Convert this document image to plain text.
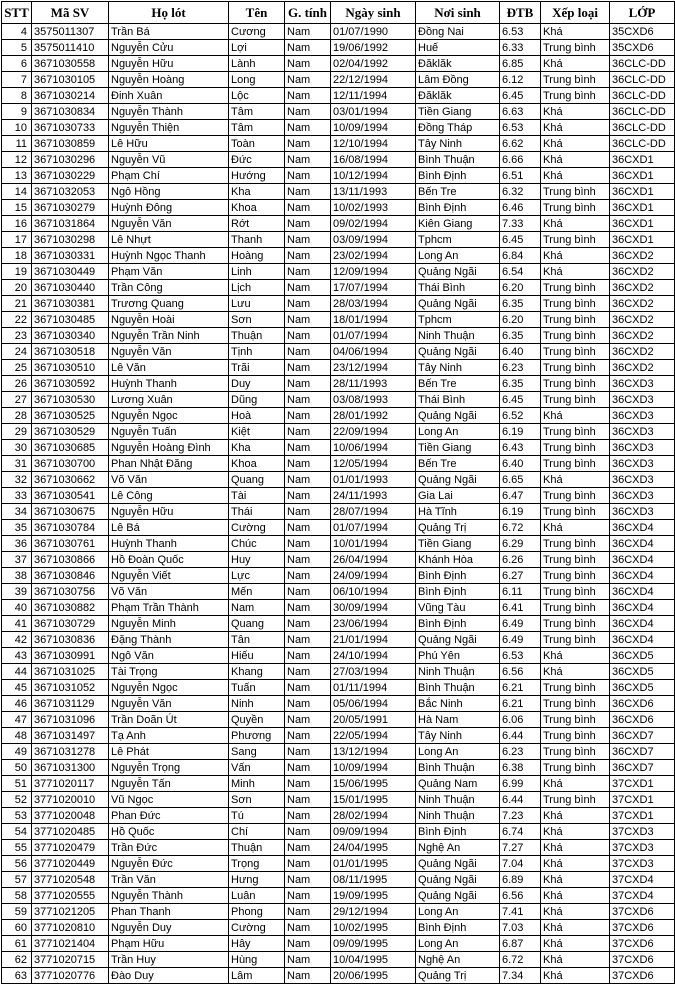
STT	Mã SV	Họ lót	Tên	G. tính	Ngày sinh	Nơi sinh	ĐTB	Xếp loại	LỚP
4	3575011307	Trần Bá	Cương	Nam	01/07/1990	Đồng Nai	6.53	Khá	35CXD6
5	3575011410	Nguyễn Cửu	Lợi	Nam	19/06/1992	Huế	6.33	Trung bình	35CXD6
6	3671030558	Nguyễn Hữu	Lành	Nam	02/04/1992	Đăklăk	6.85	Khá	36CLC-DD
7	3671030105	Nguyễn Hoàng	Long	Nam	22/12/1994	Lâm Đồng	6.12	Trung bình	36CLC-DD
8	3671030214	Đinh Xuân	Lộc	Nam	12/11/1994	Đăklăk	6.45	Trung bình	36CLC-DD
9	3671030834	Nguyễn Thành	Tâm	Nam	03/01/1994	Tiền Giang	6.63	Khá	36CLC-DD
10	3671030733	Nguyễn Thiện	Tâm	Nam	10/09/1994	Đồng Tháp	6.53	Khá	36CLC-DD
11	3671030859	Lê Hữu	Toàn	Nam	12/10/1994	Tây Ninh	6.62	Khá	36CLC-DD
12	3671030296	Nguyễn Vũ	Đức	Nam	16/08/1994	Bình Thuận	6.66	Khá	36CXD1
13	3671030229	Phạm Chí	Hướng	Nam	10/12/1994	Bình Định	6.51	Khá	36CXD1
14	3671032053	Ngô Hồng	Kha	Nam	13/11/1993	Bến Tre	6.32	Trung bình	36CXD1
15	3671030279	Huỳnh Đông	Khoa	Nam	10/02/1993	Bình Định	6.46	Trung bình	36CXD1
16	3671031864	Nguyễn Văn	Rớt	Nam	09/02/1994	Kiên Giang	7.33	Khá	36CXD1
17	3671030298	Lê Nhựt	Thanh	Nam	03/09/1994	Tphcm	6.45	Trung bình	36CXD1
18	3671030331	Huỳnh Ngọc Thanh	Hoàng	Nam	23/02/1994	Long An	6.84	Khá	36CXD2
19	3671030449	Phạm Văn	Linh	Nam	12/09/1994	Quảng Ngãi	6.54	Khá	36CXD2
20	3671030440	Trần Công	Lịch	Nam	17/07/1994	Thái Bình	6.20	Trung bình	36CXD2
21	3671030381	Trương Quang	Lưu	Nam	28/03/1994	Quảng Ngãi	6.35	Trung bình	36CXD2
22	3671030485	Nguyễn Hoài	Sơn	Nam	18/01/1994	Tphcm	6.20	Trung bình	36CXD2
23	3671030340	Nguyễn Trần Ninh	Thuận	Nam	01/07/1994	Ninh Thuận	6.35	Trung bình	36CXD2
24	3671030518	Nguyễn Văn	Tịnh	Nam	04/06/1994	Quảng Ngãi	6.40	Trung bình	36CXD2
25	3671030510	Lê Văn	Trãi	Nam	23/12/1994	Tây Ninh	6.23	Trung bình	36CXD2
26	3671030592	Huỳnh Thanh	Duy	Nam	28/11/1993	Bến Tre	6.35	Trung bình	36CXD3
27	3671030530	Lương Xuân	Dũng	Nam	03/08/1993	Thái Bình	6.45	Trung bình	36CXD3
28	3671030525	Nguyễn Ngọc	Hoà	Nam	28/01/1992	Quảng Ngãi	6.52	Khá	36CXD3
29	3671030529	Nguyễn Tuấn	Kiệt	Nam	22/09/1994	Long An	6.19	Trung bình	36CXD3
30	3671030685	Nguyễn Hoàng Đình	Kha	Nam	10/06/1994	Tiền Giang	6.43	Trung bình	36CXD3
31	3671030700	Phan Nhật Đăng	Khoa	Nam	12/05/1994	Bến Tre	6.40	Trung bình	36CXD3
32	3671030662	Võ Văn	Quang	Nam	01/01/1993	Quảng Ngãi	6.65	Khá	36CXD3
33	3671030541	Lê Công	Tài	Nam	24/11/1993	Gia Lai	6.47	Trung bình	36CXD3
34	3671030675	Nguyễn Hữu	Thái	Nam	28/07/1994	Hà Tĩnh	6.19	Trung bình	36CXD3
35	3671030784	Lê Bá	Cường	Nam	01/07/1994	Quảng Trị	6.72	Khá	36CXD4
36	3671030761	Huỳnh Thanh	Chúc	Nam	10/01/1994	Tiền Giang	6.29	Trung bình	36CXD4
37	3671030866	Hồ Đoàn Quốc	Huy	Nam	26/04/1994	Khánh Hòa	6.26	Trung bình	36CXD4
38	3671030846	Nguyễn Viết	Lực	Nam	24/09/1994	Bình Định	6.27	Trung bình	36CXD4
39	3671030756	Võ Văn	Mến	Nam	06/10/1994	Bình Định	6.11	Trung bình	36CXD4
40	3671030882	Phạm Trần Thành	Nam	Nam	30/09/1994	Vũng Tàu	6.41	Trung bình	36CXD4
41	3671030729	Nguyễn Minh	Quang	Nam	23/06/1994	Bình Định	6.49	Trung bình	36CXD4
42	3671030836	Đặng Thành	Tân	Nam	21/01/1994	Quảng Ngãi	6.49	Trung bình	36CXD4
43	3671030991	Ngô Văn	Hiếu	Nam	24/10/1994	Phú Yên	6.53	Khá	36CXD5
44	3671031025	Tài Trọng	Khang	Nam	27/03/1994	Ninh Thuận	6.56	Khá	36CXD5
45	3671031052	Nguyễn Ngọc	Tuấn	Nam	01/11/1994	Bình Thuận	6.21	Trung bình	36CXD5
46	3671031129	Nguyễn Văn	Ninh	Nam	05/06/1994	Bắc Ninh	6.21	Trung bình	36CXD6
47	3671031096	Trần Doãn Út	Quyền	Nam	20/05/1991	Hà Nam	6.06	Trung bình	36CXD6
48	3671031497	Tạ Anh	Phương	Nam	22/05/1994	Tây Ninh	6.44	Trung bình	36CXD7
49	3671031278	Lê Phát	Sang	Nam	13/12/1994	Long An	6.23	Trung bình	36CXD7
50	3671031300	Nguyễn Trọng	Vấn	Nam	10/09/1994	Bình Thuận	6.38	Trung bình	36CXD7
51	3771020117	Nguyễn Tấn	Minh	Nam	15/06/1995	Quảng Nam	6.99	Khá	37CXD1
52	3771020010	Vũ Ngọc	Sơn	Nam	15/01/1995	Ninh Thuận	6.44	Trung bình	37CXD1
53	3771020048	Phan Đức	Tú	Nam	28/02/1994	Ninh Thuận	7.23	Khá	37CXD1
54	3771020485	Hồ Quốc	Chí	Nam	09/09/1994	Bình Định	6.74	Khá	37CXD3
55	3771020479	Trần Đức	Thuận	Nam	24/04/1995	Nghệ An	7.27	Khá	37CXD3
56	3771020449	Nguyễn Đức	Trọng	Nam	01/01/1995	Quảng Ngãi	7.04	Khá	37CXD3
57	3771020548	Trần Văn	Hưng	Nam	08/11/1995	Quảng Ngãi	6.89	Khá	37CXD4
58	3771020555	Nguyễn Thành	Luân	Nam	19/09/1995	Quảng Ngãi	6.56	Khá	37CXD4
59	3771021205	Phan Thanh	Phong	Nam	29/12/1994	Long An	7.41	Khá	37CXD6
60	3771020810	Nguyễn Duy	Cường	Nam	10/02/1995	Bình Định	7.03	Khá	37CXD6
61	3771021404	Phạm Hữu	Hây	Nam	09/09/1995	Long An	6.87	Khá	37CXD6
62	3771020715	Trần Huy	Hùng	Nam	10/04/1995	Nghệ An	6.72	Khá	37CXD6
63	3771020776	Đào Duy	Lâm	Nam	20/06/1995	Quảng Trị	7.34	Khá	37CXD6
